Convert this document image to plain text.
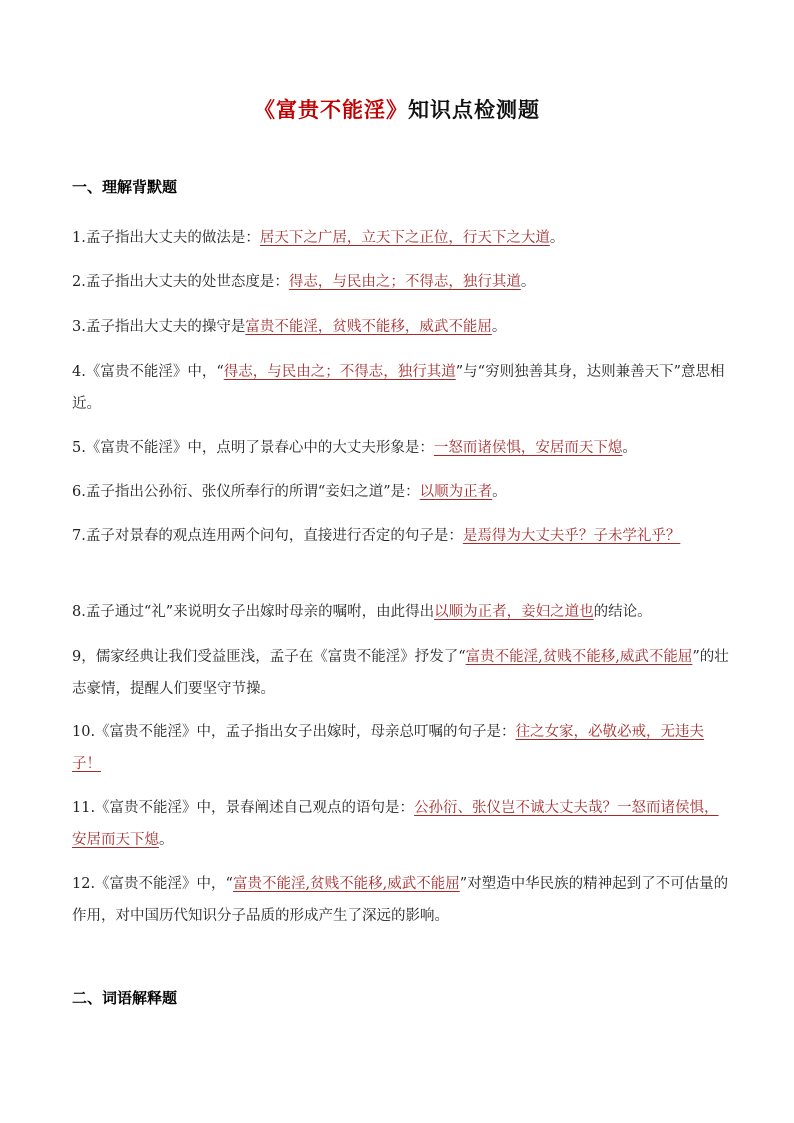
《富贵不能淫》知识点检测题
一、理解背默题
1.孟子指出大丈夫的做法是：居天下之广居，立天下之正位，行天下之大道。
2.孟子指出大丈夫的处世态度是：得志，与民由之；不得志，独行其道。
3.孟子指出大丈夫的操守是富贵不能淫，贫贱不能移，威武不能屈。
4.《富贵不能淫》中，“得志，与民由之；不得志，独行其道”与“穷则独善其身，达则兼善天下”意思相近。
5.《富贵不能淫》中，点明了景春心中的大丈夫形象是：一怒而诸侯惧，安居而天下熄。
6.孟子指出公孙衍、张仪所奉行的所谓“妾妇之道”是：以顺为正者。
7.孟子对景春的观点连用两个问句，直接进行否定的句子是：是焉得为大丈夫乎？子未学礼乎？
8.孟子通过“礼”来说明女子出嫁时母亲的嘱咐，由此得出以顺为正者，妾妇之道也的结论。
9，儒家经典让我们受益匪浅，孟子在《富贵不能淫》抒发了“富贵不能淫,贫贱不能移,威武不能屈”的壮志豪情，提醒人们要坚守节操。
10.《富贵不能淫》中，孟子指出女子出嫁时，母亲总叮嘱的句子是：往之女家，必敬必戒，无违夫子！
11.《富贵不能淫》中，景春阐述自己观点的语句是：公孙衍、张仪岂不诚大丈夫哉？一怒而诸侯惧，安居而天下熄。
12.《富贵不能淫》中，“富贵不能淫,贫贱不能移,威武不能屈”对塑造中华民族的精神起到了不可估量的作用，对中国历代知识分子品质的形成产生了深远的影响。
二、词语解释题
